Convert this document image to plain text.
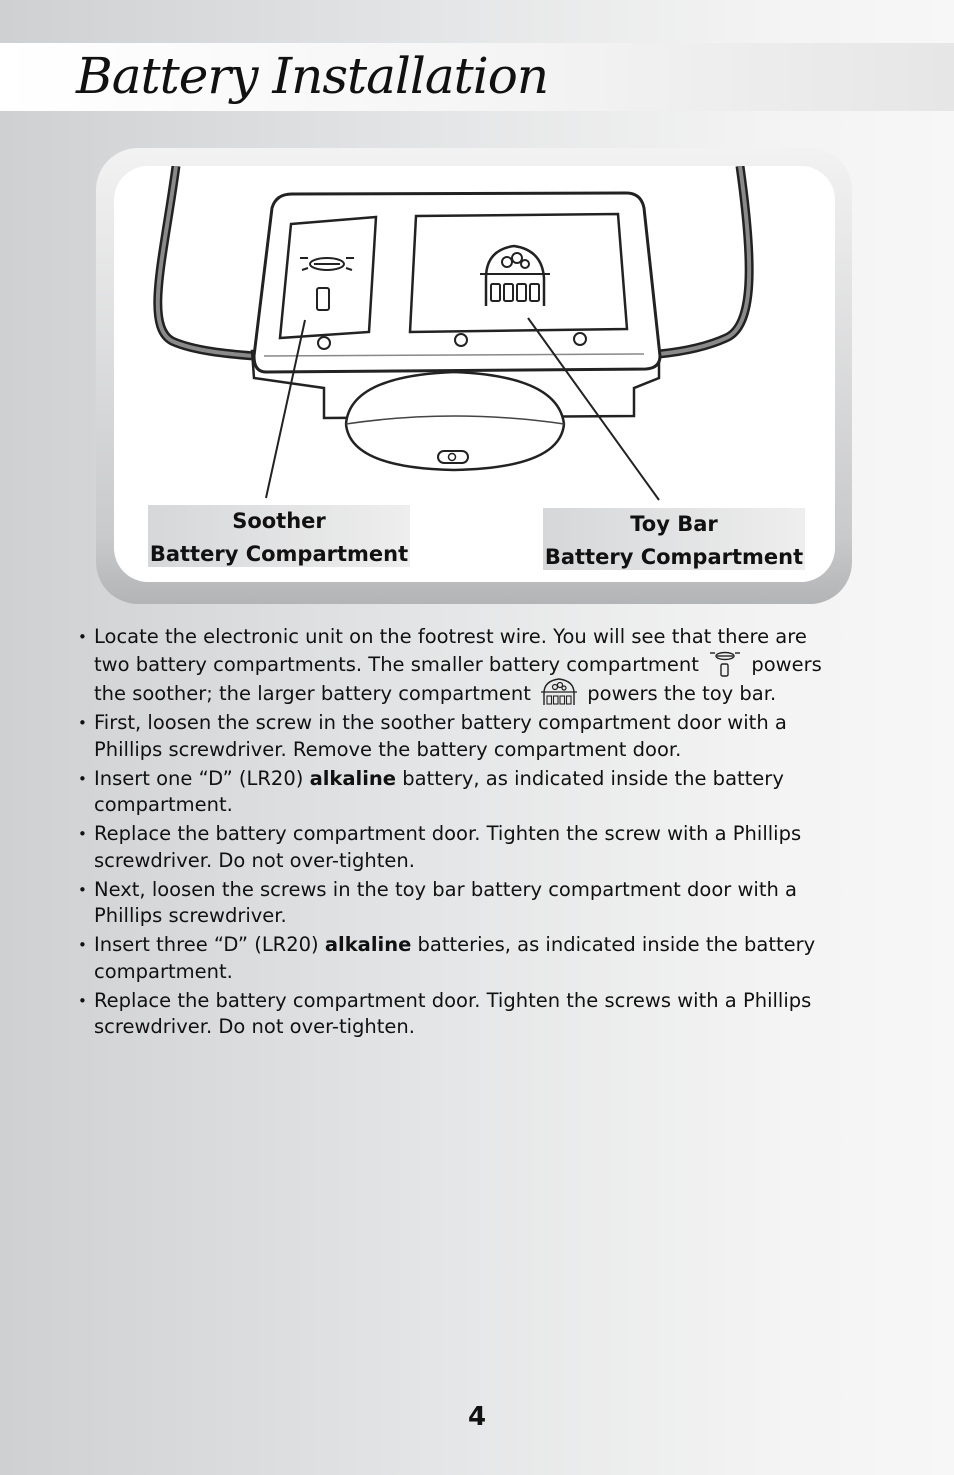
Battery Installation
Soother
Battery Compartment
Toy Bar
Battery Compartment
• Locate the electronic unit on the footrest wire. You will see that there are two battery compartments. The smaller battery compartment	powers the soother; the larger battery compartment	powers the toy bar.
• First, loosen the screw in the soother battery compartment door with a Phillips screwdriver. Remove the battery compartment door.
• Insert one “D” (LR20) alkaline battery, as indicated inside the battery compartment.
• Replace the battery compartment door. Tighten the screw with a Phillips screwdriver. Do not over-tighten.
• Next, loosen the screws in the toy bar battery compartment door with a Phillips screwdriver.
• Insert three “D” (LR20) alkaline batteries, as indicated inside the battery compartment.
• Replace the battery compartment door. Tighten the screws with a Phillips screwdriver. Do not over-tighten.
4
